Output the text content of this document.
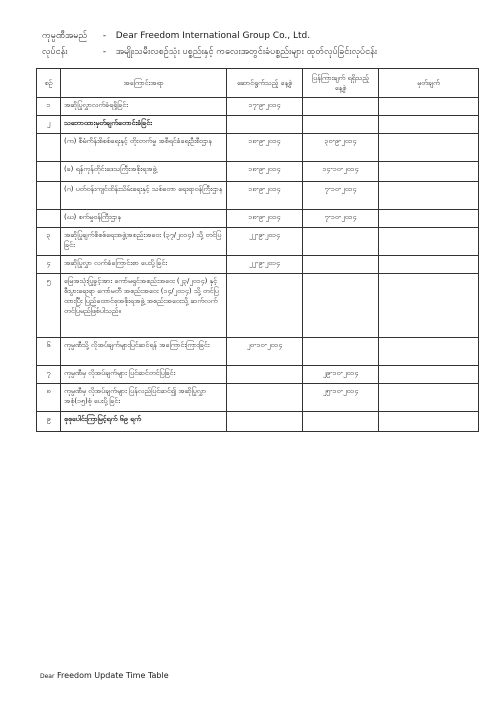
ကုမ္ပဏီအမည် - Dear Freedom International Group Co., Ltd.
လုပ်ငန်း	- အမျိုးသမီးလစဉ်သုံး ပစ္စည်းနှင့် ကလေးအတွင်းခံပစ္စည်းများ ထုတ်လုပ်ခြင်းလုပ်ငန်း
စဉ်	အကြောင်းအရာ	ဆောင်ရွက်သည့် နေ့စွဲ	ပြန်ကြားချက် ရရှိသည့် နေ့စွဲ	မှတ်ချက်
၁	အဆိုပြုလွှာလက်ခံရရှိခြင်း	၁၇-၉-၂၀၁၄		
၂	သဘောထားမှတ်ချက်တောင်းခံခြင်း			
	(က) စီမံကိန်းစိစစ်ရေးနှင့် တိုးတက်မှု အစီရင်ခံရေးဦးစီးဌာန	၁၈-၉-၂၀၁၄	၃၀-၉-၂၀၁၄	
	(ခ) ရန်ကုန်တိုင်းဒေသကြီးအစိုးရအဖွဲ့	၁၈-၉-၂၀၁၄	၁၄-၁၀-၂၀၁၄	
	(ဂ) ပတ်ဝန်းကျင်ထိန်းသိမ်းရေးနှင့် သစ်တော ရေးရာဝန်ကြီးဌာန	၁၈-၉-၂၀၁၄	၇-၁၀-၂၀၁၄	
	(ဃ) စက်မှုဝန်ကြီးဌာန	၁၈-၉-၂၀၁၄	၇-၁၀-၂၀၁၄	
၃	အဆိုပြုချက်စိစစ်ရေးအဖွဲ့အစည်းအဝေး (၃၇/၂၀၁၄) သို့ တင်ပြခြင်း	၂၂-၉-၂၀၁၄		
၄	အဆိုပြုလွှာ လက်ခံကြောင်းစာ ပေးပို့ခြင်း	၂၂-၉-၂၀၁၄		
၅	မြေအသုံးပြုခွင့်အား ကော်မရှင်အစည်းအဝေး (၂၃/၂၀၁၄) နှင့် စီးပွားရေးရာ ကော်မတီ အစည်းအဝေး (၁၄/၂၀၁၄) သို့ တင်ပြထားပြီး ပြည်ထောင်စုအစိုးရအဖွဲ့ အစည်းအဝေးသို့ ဆက်လက် တင်ပြမည်ဖြစ်ပါသည်။			
၆	ကုမ္ပဏီသို့ လိုအပ်ချက်များပြင်ဆင်ရန် အကြောင်းကြားခြင်း	၂၀-၁၀-၂၀၁၄		
၇	ကုမ္ပဏီမှ လိုအပ်ချက်များ ပြင်ဆင်တင်ပြခြင်း		၂၉-၁၀-၂၀၁၄	
၈	ကုမ္ပဏီမှ လိုအပ်ချက်များ ပြန်လည်ပြင်ဆင်၍ အဆိုပြုလွှာ အစုံ(၁၅)စုံ ပေးပို့ခြင်း		၂၅-၁၀-၂၀၁၄	
၉	စုစုပေါင်းကြာမြင့်ရက် ၆၉ ရက်			
Dear Freedom Update Time Table
